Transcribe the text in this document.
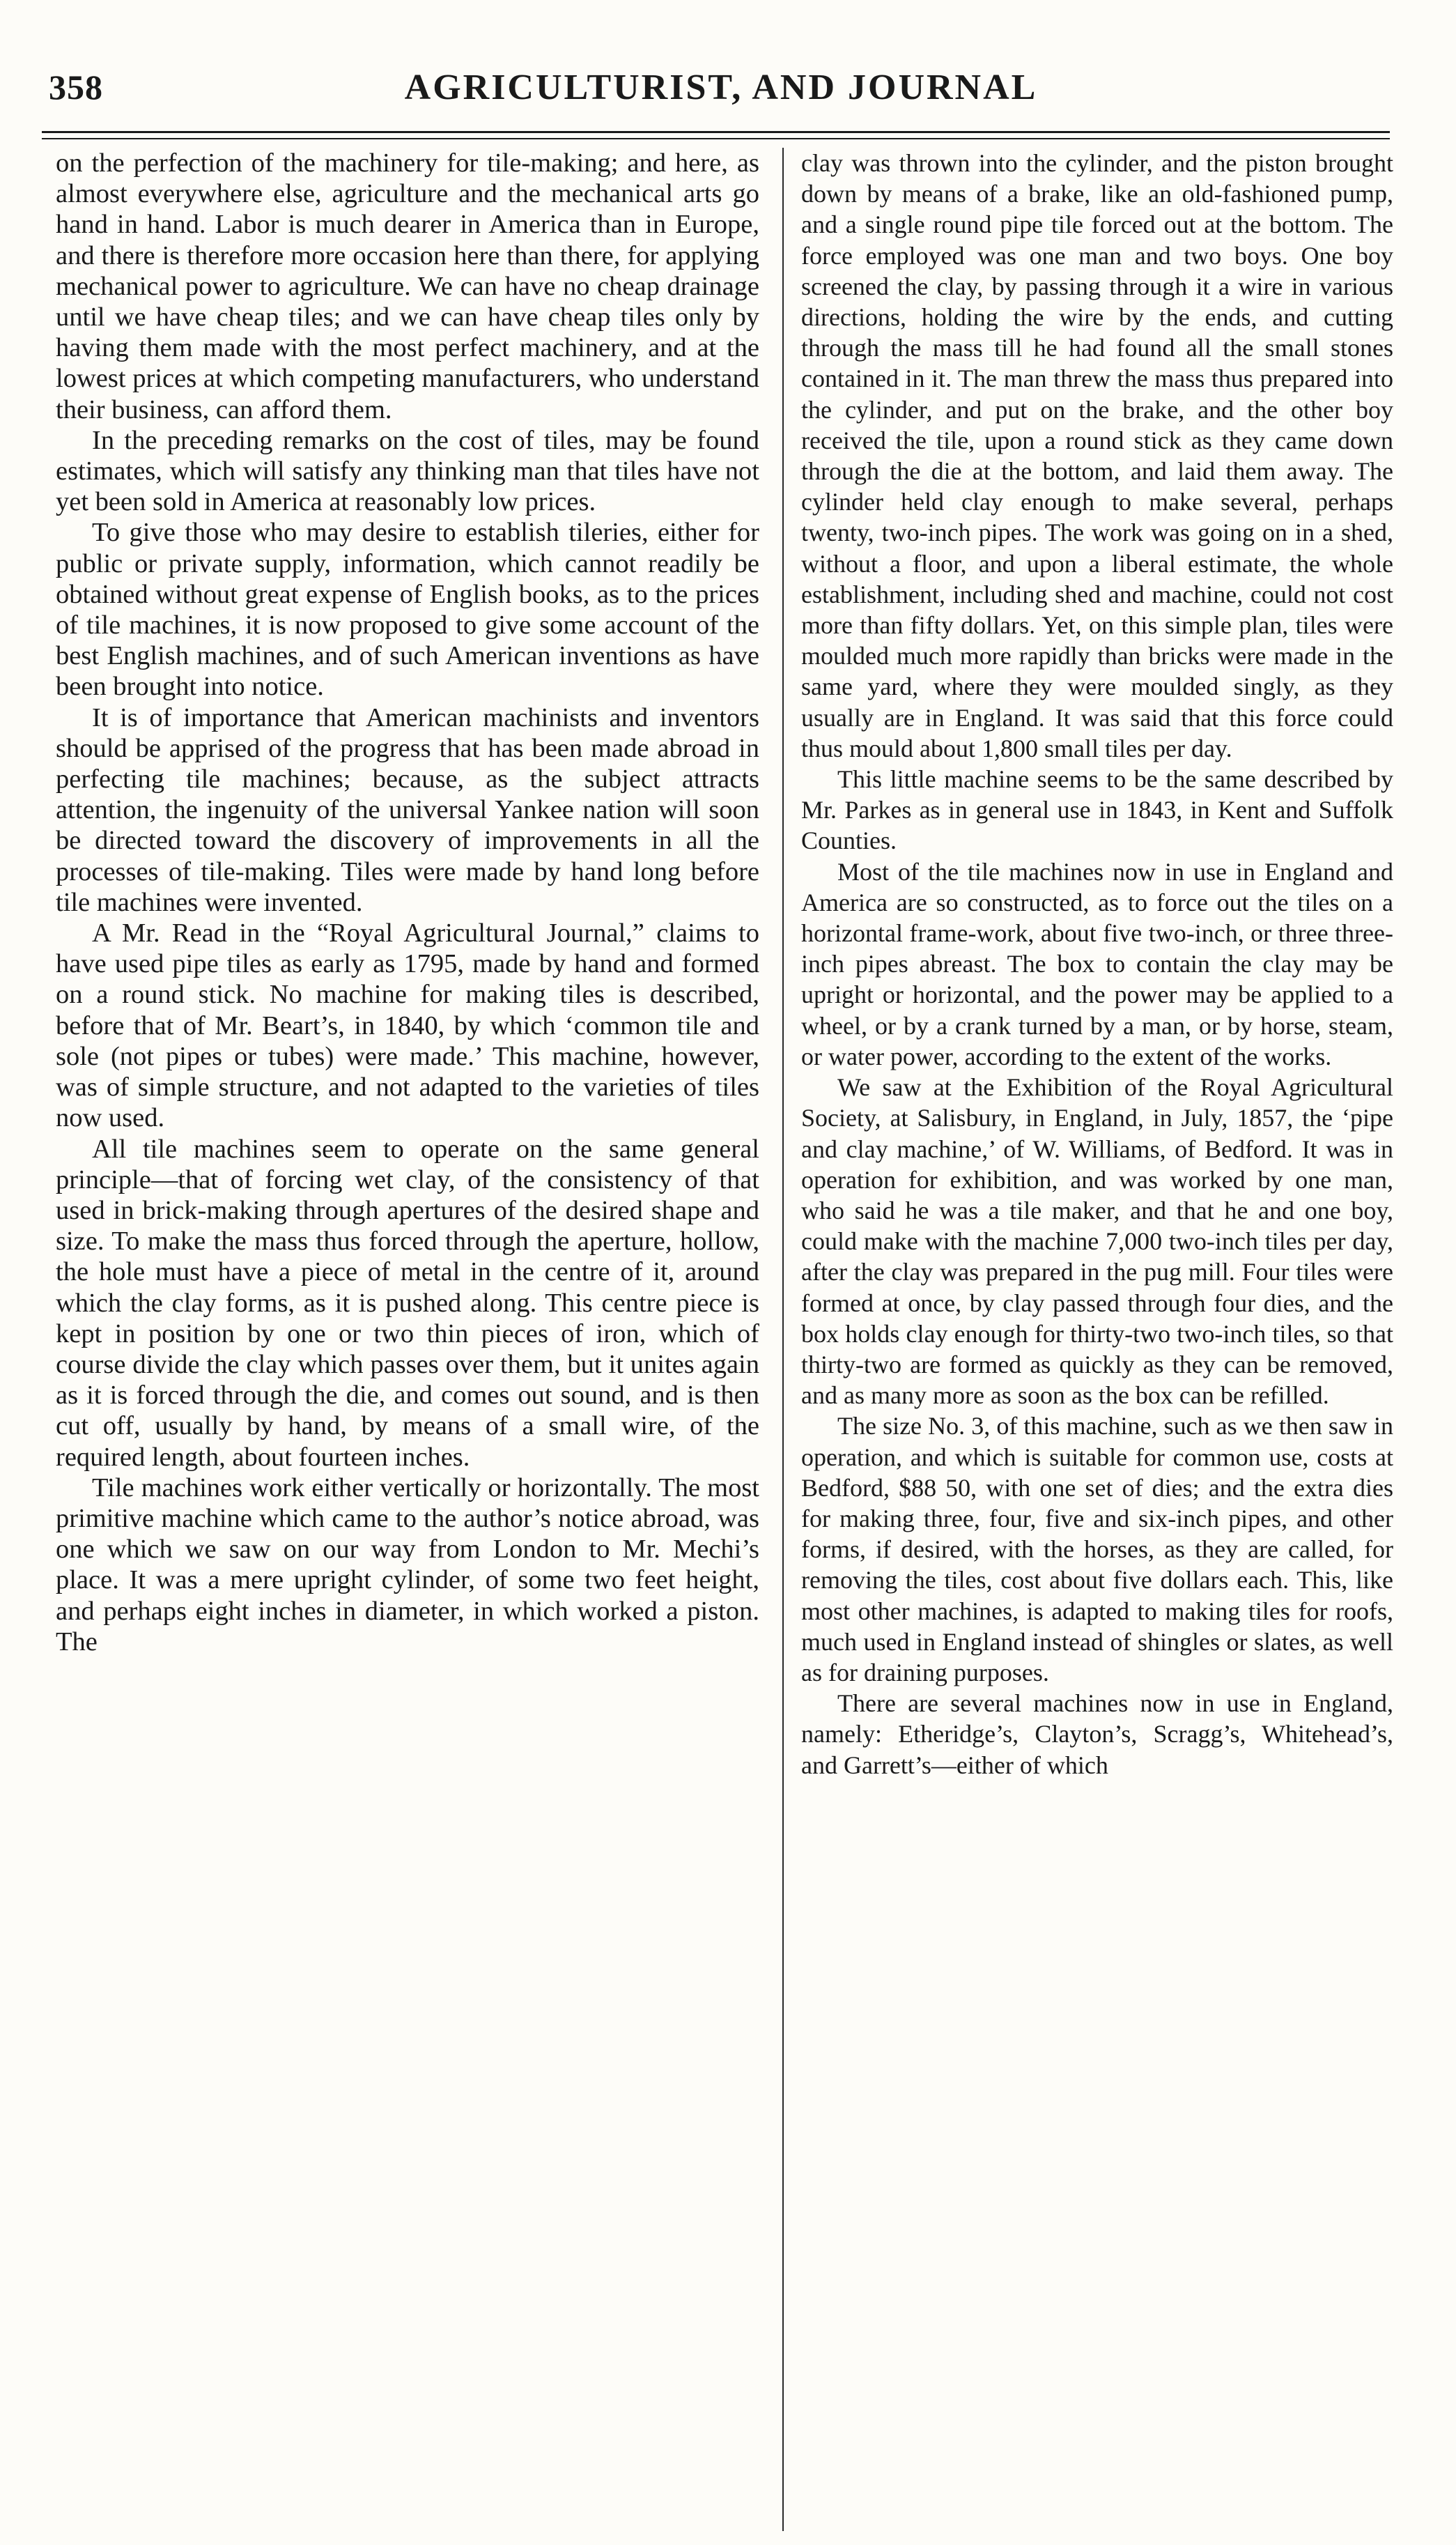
358	AGRICULTURIST, AND JOURNAL

on the perfection of the machinery for tile-making; and here, as almost everywhere else, agriculture and the mechanical arts go hand in hand. Labor is much dearer in America than in Europe, and there is therefore more occasion here than there, for applying mechanical power to agriculture. We can have no cheap drainage until we have cheap tiles; and we can have cheap tiles only by having them made with the most perfect machinery, and at the lowest prices at which competing manufacturers, who understand their business, can afford them.

In the preceding remarks on the cost of tiles, may be found estimates, which will satisfy any thinking man that tiles have not yet been sold in America at reasonably low prices.

To give those who may desire to establish tileries, either for public or private supply, information, which cannot readily be obtained without great expense of English books, as to the prices of tile machines, it is now proposed to give some account of the best English machines, and of such American inventions as have been brought into notice.

It is of importance that American machinists and inventors should be apprised of the progress that has been made abroad in perfecting tile machines; because, as the subject attracts attention, the ingenuity of the universal Yankee nation will soon be directed toward the discovery of improvements in all the processes of tile-making. Tiles were made by hand long before tile machines were invented.

A Mr. Read in the “Royal Agricultural Journal,” claims to have used pipe tiles as early as 1795, made by hand and formed on a round stick. No machine for making tiles is described, before that of Mr. Beart’s, in 1840, by which ‘common tile and sole (not pipes or tubes) were made.’ This machine, however, was of simple structure, and not adapted to the varieties of tiles now used.

All tile machines seem to operate on the same general principle—that of forcing wet clay, of the consistency of that used in brick-making through apertures of the desired shape and size. To make the mass thus forced through the aperture, hollow, the hole must have a piece of metal in the centre of it, around which the clay forms, as it is pushed along. This centre piece is kept in position by one or two thin pieces of iron, which of course divide the clay which passes over them, but it unites again as it is forced through the die, and comes out sound, and is then cut off, usually by hand, by means of a small wire, of the required length, about fourteen inches.

Tile machines work either vertically or horizontally. The most primitive machine which came to the author’s notice abroad, was one which we saw on our way from London to Mr. Mechi’s place. It was a mere upright cylinder, of some two feet height, and perhaps eight inches in diameter, in which worked a piston. The

clay was thrown into the cylinder, and the piston brought down by means of a brake, like an old-fashioned pump, and a single round pipe tile forced out at the bottom. The force employed was one man and two boys. One boy screened the clay, by passing through it a wire in various directions, holding the wire by the ends, and cutting through the mass till he had found all the small stones contained in it. The man threw the mass thus prepared into the cylinder, and put on the brake, and the other boy received the tile, upon a round stick as they came down through the die at the bottom, and laid them away. The cylinder held clay enough to make several, perhaps twenty, two-inch pipes. The work was going on in a shed, without a floor, and upon a liberal estimate, the whole establishment, including shed and machine, could not cost more than fifty dollars. Yet, on this simple plan, tiles were moulded much more rapidly than bricks were made in the same yard, where they were moulded singly, as they usually are in England. It was said that this force could thus mould about 1,800 small tiles per day.

This little machine seems to be the same described by Mr. Parkes as in general use in 1843, in Kent and Suffolk Counties.

Most of the tile machines now in use in England and America are so constructed, as to force out the tiles on a horizontal frame-work, about five two-inch, or three three-inch pipes abreast. The box to contain the clay may be upright or horizontal, and the power may be applied to a wheel, or by a crank turned by a man, or by horse, steam, or water power, according to the extent of the works.

We saw at the Exhibition of the Royal Agricultural Society, at Salisbury, in England, in July, 1857, the ‘pipe and clay machine,’ of W. Williams, of Bedford. It was in operation for exhibition, and was worked by one man, who said he was a tile maker, and that he and one boy, could make with the machine 7,000 two-inch tiles per day, after the clay was prepared in the pug mill. Four tiles were formed at once, by clay passed through four dies, and the box holds clay enough for thirty-two two-inch tiles, so that thirty-two are formed as quickly as they can be removed, and as many more as soon as the box can be refilled.

The size No. 3, of this machine, such as we then saw in operation, and which is suitable for common use, costs at Bedford, $88 50, with one set of dies; and the extra dies for making three, four, five and six-inch pipes, and other forms, if desired, with the horses, as they are called, for removing the tiles, cost about five dollars each. This, like most other machines, is adapted to making tiles for roofs, much used in England instead of shingles or slates, as well as for draining purposes.

There are several machines now in use in England, namely: Etheridge’s, Clayton’s, Scragg’s, Whitehead’s, and Garrett’s—either of which
